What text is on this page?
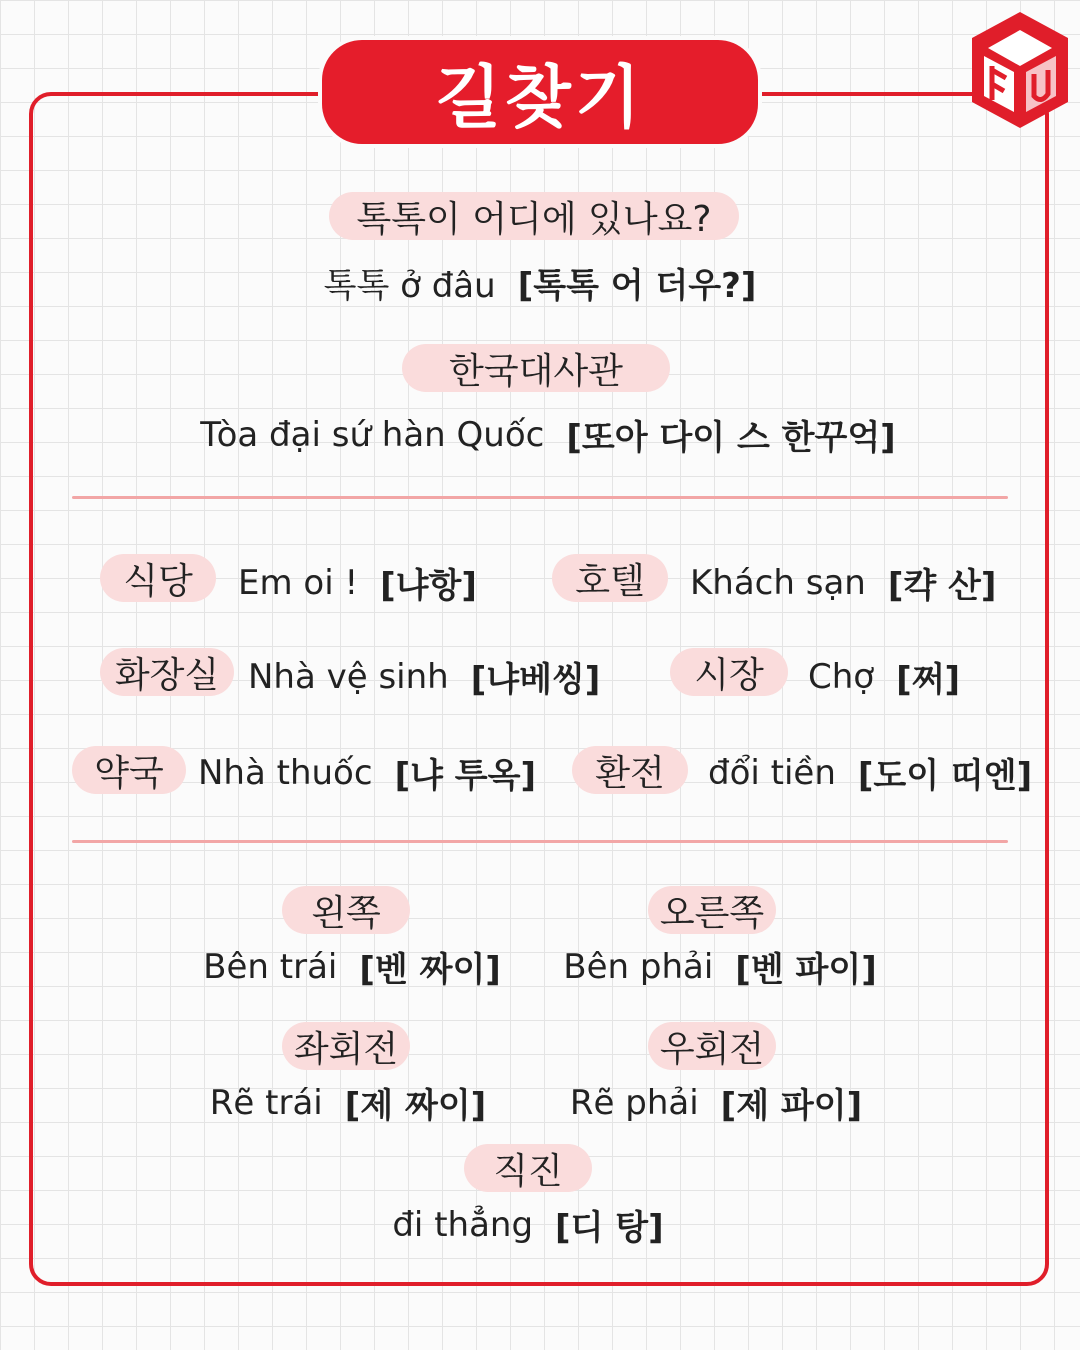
길찾기
톡톡이 어디에 있나요?
톡톡 ở đâu [톡톡 어 더우?]
한국대사관
Tòa đại sứ hàn Quốc [또아 다이 스 한꾸억]
식당	Em oi ! [냐항]	호텔	Khách sạn [캭 산]
화장실 Nhà vệ sinh [냐베씽]	시장	Chợ [쩌]
약국	Nhà thuốc [냐 투옥]	환전	đổi tiền [도이 띠엔]
왼쪽
Bên trái [벤 짜이]
오른쪽
Bên phải [벤 파이]
좌회전
Rẽ trái [제 짜이]
우회전
Rẽ phải [제 파이]
직진
đi thẳng [디 탕]
